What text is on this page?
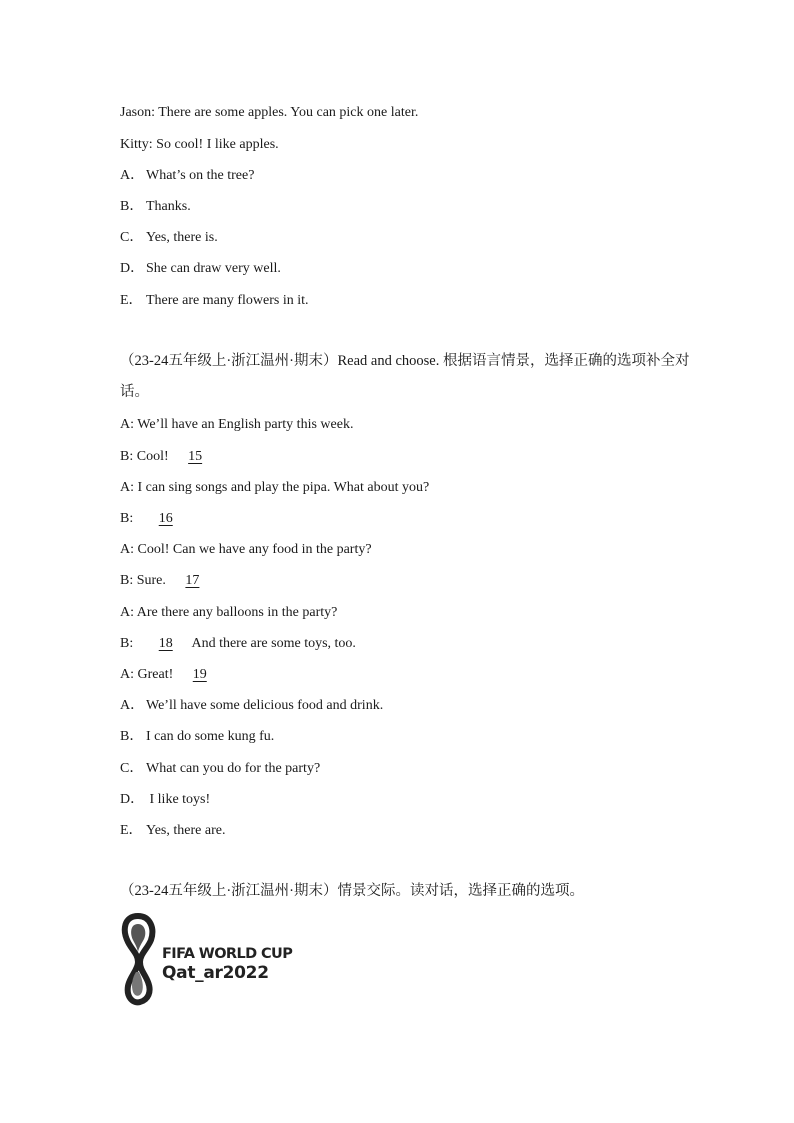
Jason: There are some apples. You can pick one later.
Kitty: So cool! I like apples.
A． What’s on the tree?
B． Thanks.
C． Yes, there is.
D． She can draw very well.
E． There are many flowers in it.
（23-24五年级上·浙江温州·期末）Read and choose. 根据语言情景，选择正确的选项补全对话。
A: We’ll have an English party this week.
B: Cool! 15
A: I can sing songs and play the pipa. What about you?
B: 16
A: Cool! Can we have any food in the party?
B: Sure. 17
A: Are there any balloons in the party?
B: 18 And there are some toys, too.
A: Great! 19
A． We’ll have some delicious food and drink.
B． I can do some kung fu.
C． What can you do for the party?
D． I like toys!
E． Yes, there are.
（23-24五年级上·浙江温州·期末）情景交际。读对话，选择正确的选项。
FIFA WORLD CUP
Qat_ar2022
